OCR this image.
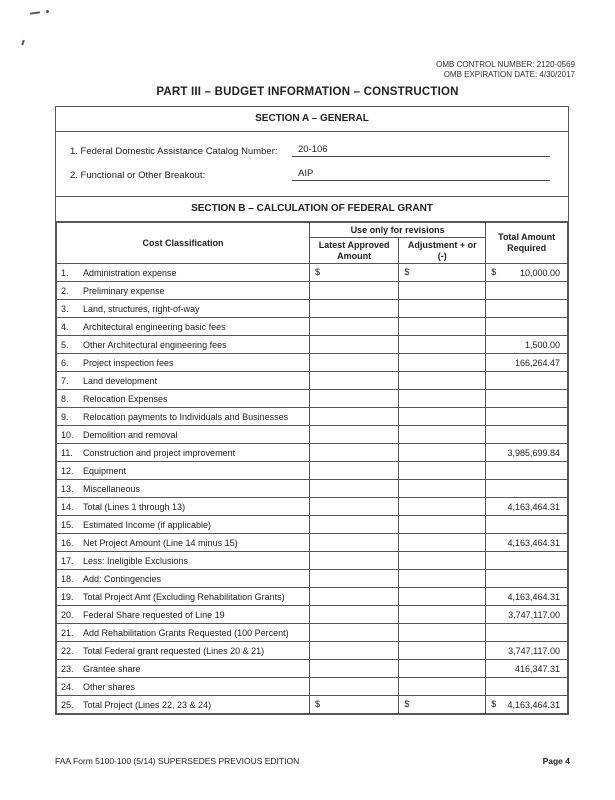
OMB CONTROL NUMBER: 2120-0569
OMB EXPIRATION DATE: 4/30/2017
PART III – BUDGET INFORMATION – CONSTRUCTION
SECTION A – GENERAL
1. Federal Domestic Assistance Catalog Number:	20-106
2. Functional or Other Breakout:	AIP
SECTION B – CALCULATION OF FEDERAL GRANT
Cost Classification	Use only for revisions		Total Amount Required
	Latest Approved Amount	Adjustment + or (-)	
1. Administration expense	$	$	$ 10,000.00

2. Preliminary expense			
3. Land, structures, right-of-way			
4. Architectural engineering basic fees			
5. Other Architectural engineering fees			1,500.00

6. Project inspection fees			166,264.47

7. Land development			
8. Relocation Expenses			
9. Relocation payments to Individuals and Businesses			
10. Demolition and removal			
11. Construction and project improvement			3,985,699.84

12. Equipment			
13. Miscellaneous			
14. Total (Lines 1 through 13)			4,163,464.31

15. Estimated Income (if applicable)			
16. Net Project Amount (Line 14 minus 15)			4,163,464.31

17. Less: Ineligible Exclusions			
18. Add: Contingencies			
19. Total Project Amt (Excluding Rehabilitation Grants)			4,163,464.31

20. Federal Share requested of Line 19			3,747,117.00

21. Add Rehabilitation Grants Requested (100 Percent)			
22. Total Federal grant requested (Lines 20 & 21)			3,747,117.00

23. Grantee share			416,347.31

24. Other shares			
25. Total Project (Lines 22, 23 & 24)	$	$	$ 4,163,464.31
FAA Form 5100-100 (5/14) SUPERSEDES PREVIOUS EDITION	Page 4
